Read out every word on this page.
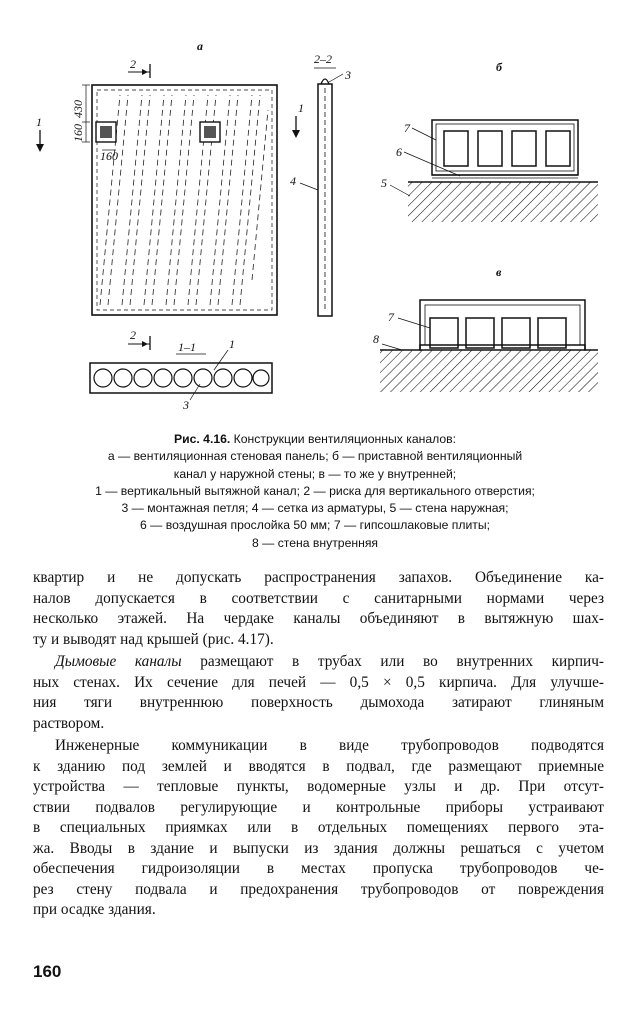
а
б
в
2–2
1–1
2
2
1
1
430
160
160
1
3
3
4	5
6
7
7
8
Рис. 4.16. Конструкции вентиляционных каналов:
а — вентиляционная стеновая панель; б — приставной вентиляционный
канал у наружной стены; в — то же у внутренней;
1 — вертикальный вытяжной канал; 2 — риска для вертикального отверстия;
3 — монтажная петля; 4 — сетка из арматуры, 5 — стена наружная;
6 — воздушная прослойка 50 мм; 7 — гипсошлаковые плиты;
8 — стена внутренняя
квартир и не допускать распространения запахов. Объединение ка-
налов допускается в соответствии с санитарными нормами через
несколько этажей. На чердаке каналы объединяют в вытяжную шах-
ту и выводят над крышей (рис. 4.17).
Дымовые каналы размещают в трубах или во внутренних кирпич-
ных стенах. Их сечение для печей — 0,5 × 0,5 кирпича. Для улучше-
ния тяги внутреннюю поверхность дымохода затирают глиняным
раствором.
Инженерные коммуникации в виде трубопроводов подводятся
к зданию под землей и вводятся в подвал, где размещают приемные
устройства — тепловые пункты, водомерные узлы и др. При отсут-
ствии подвалов регулирующие и контрольные приборы устраивают
в специальных приямках или в отдельных помещениях первого эта-
жа. Вводы в здание и выпуски из здания должны решаться с учетом
обеспечения гидроизоляции в местах пропуска трубопроводов че-
рез стену подвала и предохранения трубопроводов от повреждения
при осадке здания.
160
